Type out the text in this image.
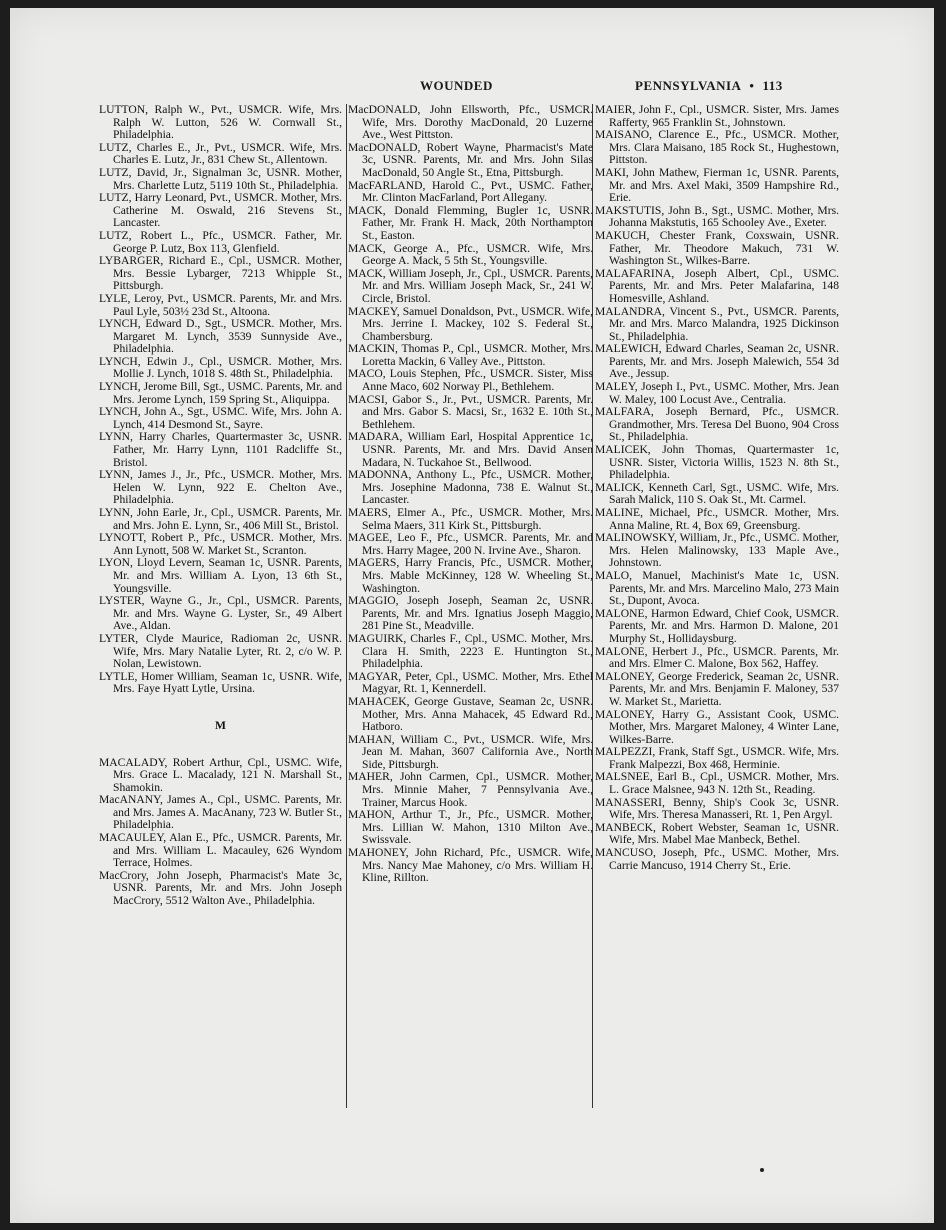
WOUNDED	PENNSYLVANIA • 113

LUTTON, Ralph W., Pvt., USMCR. Wife, Mrs. Ralph W. Lutton, 526 W. Cornwall St., Philadelphia.

LUTZ, Charles E., Jr., Pvt., USMCR. Wife, Mrs. Charles E. Lutz, Jr., 831 Chew St., Allentown.

LUTZ, David, Jr., Signalman 3c, USNR. Mother, Mrs. Charlette Lutz, 5119 10th St., Philadelphia.

LUTZ, Harry Leonard, Pvt., USMCR. Mother, Mrs. Catherine M. Oswald, 216 Stevens St., Lancaster.

LUTZ, Robert L., Pfc., USMCR. Father, Mr. George P. Lutz, Box 113, Glenfield.

LYBARGER, Richard E., Cpl., USMCR. Mother, Mrs. Bessie Lybarger, 7213 Whipple St., Pittsburgh.

LYLE, Leroy, Pvt., USMCR. Parents, Mr. and Mrs. Paul Lyle, 503½ 23d St., Altoona.

LYNCH, Edward D., Sgt., USMCR. Mother, Mrs. Margaret M. Lynch, 3539 Sunnyside Ave., Philadelphia.

LYNCH, Edwin J., Cpl., USMCR. Mother, Mrs. Mollie J. Lynch, 1018 S. 48th St., Philadelphia.

LYNCH, Jerome Bill, Sgt., USMC. Parents, Mr. and Mrs. Jerome Lynch, 159 Spring St., Aliquippa.

LYNCH, John A., Sgt., USMC. Wife, Mrs. John A. Lynch, 414 Desmond St., Sayre.

LYNN, Harry Charles, Quartermaster 3c, USNR. Father, Mr. Harry Lynn, 1101 Radcliffe St., Bristol.

LYNN, James J., Jr., Pfc., USMCR. Mother, Mrs. Helen W. Lynn, 922 E. Chelton Ave., Philadelphia.

LYNN, John Earle, Jr., Cpl., USMCR. Parents, Mr. and Mrs. John E. Lynn, Sr., 406 Mill St., Bristol.

LYNOTT, Robert P., Pfc., USMCR. Mother, Mrs. Ann Lynott, 508 W. Market St., Scranton.

LYON, Lloyd Levern, Seaman 1c, USNR. Parents, Mr. and Mrs. William A. Lyon, 13 6th St., Youngsville.

LYSTER, Wayne G., Jr., Cpl., USMCR. Parents, Mr. and Mrs. Wayne G. Lyster, Sr., 49 Albert Ave., Aldan.

LYTER, Clyde Maurice, Radioman 2c, USNR. Wife, Mrs. Mary Natalie Lyter, Rt. 2, c/o W. P. Nolan, Lewistown.

LYTLE, Homer William, Seaman 1c, USNR. Wife, Mrs. Faye Hyatt Lytle, Ursina.

M

MACALADY, Robert Arthur, Cpl., USMC. Wife, Mrs. Grace L. Macalady, 121 N. Marshall St., Shamokin.

MacANANY, James A., Cpl., USMC. Parents, Mr. and Mrs. James A. MacAnany, 723 W. Butler St., Philadelphia.

MACAULEY, Alan E., Pfc., USMCR. Parents, Mr. and Mrs. William L. Macauley, 626 Wyndom Terrace, Holmes.

MacCrory, John Joseph, Pharmacist's Mate 3c, USNR. Parents, Mr. and Mrs. John Joseph MacCrory, 5512 Walton Ave., Philadelphia.

MacDONALD, John Ellsworth, Pfc., USMCR. Wife, Mrs. Dorothy MacDonald, 20 Luzerne Ave., West Pittston.

MacDONALD, Robert Wayne, Pharmacist's Mate 3c, USNR. Parents, Mr. and Mrs. John Silas MacDonald, 50 Angle St., Etna, Pittsburgh.

MacFARLAND, Harold C., Pvt., USMC. Father, Mr. Clinton MacFarland, Port Allegany.

MACK, Donald Flemming, Bugler 1c, USNR. Father, Mr. Frank H. Mack, 20th Northampton St., Easton.

MACK, George A., Pfc., USMCR. Wife, Mrs. George A. Mack, 5 5th St., Youngsville.

MACK, William Joseph, Jr., Cpl., USMCR. Parents, Mr. and Mrs. William Joseph Mack, Sr., 241 W. Circle, Bristol.

MACKEY, Samuel Donaldson, Pvt., USMCR. Wife, Mrs. Jerrine I. Mackey, 102 S. Federal St., Chambersburg.

MACKIN, Thomas P., Cpl., USMCR. Mother, Mrs. Loretta Mackin, 6 Valley Ave., Pittston.

MACO, Louis Stephen, Pfc., USMCR. Sister, Miss Anne Maco, 602 Norway Pl., Bethlehem.

MACSI, Gabor S., Jr., Pvt., USMCR. Parents, Mr. and Mrs. Gabor S. Macsi, Sr., 1632 E. 10th St., Bethlehem.

MADARA, William Earl, Hospital Apprentice 1c, USNR. Parents, Mr. and Mrs. David Ansen Madara, N. Tuckahoe St., Bellwood.

MADONNA, Anthony L., Pfc., USMCR. Mother, Mrs. Josephine Madonna, 738 E. Walnut St., Lancaster.

MAERS, Elmer A., Pfc., USMCR. Mother, Mrs. Selma Maers, 311 Kirk St., Pittsburgh.

MAGEE, Leo F., Pfc., USMCR. Parents, Mr. and Mrs. Harry Magee, 200 N. Irvine Ave., Sharon.

MAGERS, Harry Francis, Pfc., USMCR. Mother, Mrs. Mable McKinney, 128 W. Wheeling St., Washington.

MAGGIO, Joseph Joseph, Seaman 2c, USNR. Parents, Mr. and Mrs. Ignatius Joseph Maggio, 281 Pine St., Meadville.

MAGUIRK, Charles F., Cpl., USMC. Mother, Mrs. Clara H. Smith, 2223 E. Huntington St., Philadelphia.

MAGYAR, Peter, Cpl., USMC. Mother, Mrs. Ethel Magyar, Rt. 1, Kennerdell.

MAHACEK, George Gustave, Seaman 2c, USNR. Mother, Mrs. Anna Mahacek, 45 Edward Rd., Hatboro.

MAHAN, William C., Pvt., USMCR. Wife, Mrs. Jean M. Mahan, 3607 California Ave., North Side, Pittsburgh.

MAHER, John Carmen, Cpl., USMCR. Mother, Mrs. Minnie Maher, 7 Pennsylvania Ave., Trainer, Marcus Hook.

MAHON, Arthur T., Jr., Pfc., USMCR. Mother, Mrs. Lillian W. Mahon, 1310 Milton Ave., Swissvale.

MAHONEY, John Richard, Pfc., USMCR. Wife, Mrs. Nancy Mae Mahoney, c/o Mrs. William H. Kline, Rillton.

MAIER, John F., Cpl., USMCR. Sister, Mrs. James Rafferty, 965 Franklin St., Johnstown.

MAISANO, Clarence E., Pfc., USMCR. Mother, Mrs. Clara Maisano, 185 Rock St., Hughestown, Pittston.

MAKI, John Mathew, Fierman 1c, USNR. Parents, Mr. and Mrs. Axel Maki, 3509 Hampshire Rd., Erie.

MAKSTUTIS, John B., Sgt., USMC. Mother, Mrs. Johanna Makstutis, 165 Schooley Ave., Exeter.

MAKUCH, Chester Frank, Coxswain, USNR. Father, Mr. Theodore Makuch, 731 W. Washington St., Wilkes-Barre.

MALAFARINA, Joseph Albert, Cpl., USMC. Parents, Mr. and Mrs. Peter Malafarina, 148 Homesville, Ashland.

MALANDRA, Vincent S., Pvt., USMCR. Parents, Mr. and Mrs. Marco Malandra, 1925 Dickinson St., Philadelphia.

MALEWICH, Edward Charles, Seaman 2c, USNR. Parents, Mr. and Mrs. Joseph Malewich, 554 3d Ave., Jessup.

MALEY, Joseph I., Pvt., USMC. Mother, Mrs. Jean W. Maley, 100 Locust Ave., Centralia.

MALFARA, Joseph Bernard, Pfc., USMCR. Grandmother, Mrs. Teresa Del Buono, 904 Cross St., Philadelphia.

MALICEK, John Thomas, Quartermaster 1c, USNR. Sister, Victoria Willis, 1523 N. 8th St., Philadelphia.

MALICK, Kenneth Carl, Sgt., USMC. Wife, Mrs. Sarah Malick, 110 S. Oak St., Mt. Carmel.

MALINE, Michael, Pfc., USMCR. Mother, Mrs. Anna Maline, Rt. 4, Box 69, Greensburg.

MALINOWSKY, William, Jr., Pfc., USMC. Mother, Mrs. Helen Malinowsky, 133 Maple Ave., Johnstown.

MALO, Manuel, Machinist's Mate 1c, USN. Parents, Mr. and Mrs. Marcelino Malo, 273 Main St., Dupont, Avoca.

MALONE, Harmon Edward, Chief Cook, USMCR. Parents, Mr. and Mrs. Harmon D. Malone, 201 Murphy St., Hollidaysburg.

MALONE, Herbert J., Pfc., USMCR. Parents, Mr. and Mrs. Elmer C. Malone, Box 562, Haffey.

MALONEY, George Frederick, Seaman 2c, USNR. Parents, Mr. and Mrs. Benjamin F. Maloney, 537 W. Market St., Marietta.

MALONEY, Harry G., Assistant Cook, USMC. Mother, Mrs. Margaret Maloney, 4 Winter Lane, Wilkes-Barre.

MALPEZZI, Frank, Staff Sgt., USMCR. Wife, Mrs. Frank Malpezzi, Box 468, Herminie.

MALSNEE, Earl B., Cpl., USMCR. Mother, Mrs. L. Grace Malsnee, 943 N. 12th St., Reading.

MANASSERI, Benny, Ship's Cook 3c, USNR. Wife, Mrs. Theresa Manasseri, Rt. 1, Pen Argyl.

MANBECK, Robert Webster, Seaman 1c, USNR. Wife, Mrs. Mabel Mae Manbeck, Bethel.

MANCUSO, Joseph, Pfc., USMC. Mother, Mrs. Carrie Mancuso, 1914 Cherry St., Erie.
